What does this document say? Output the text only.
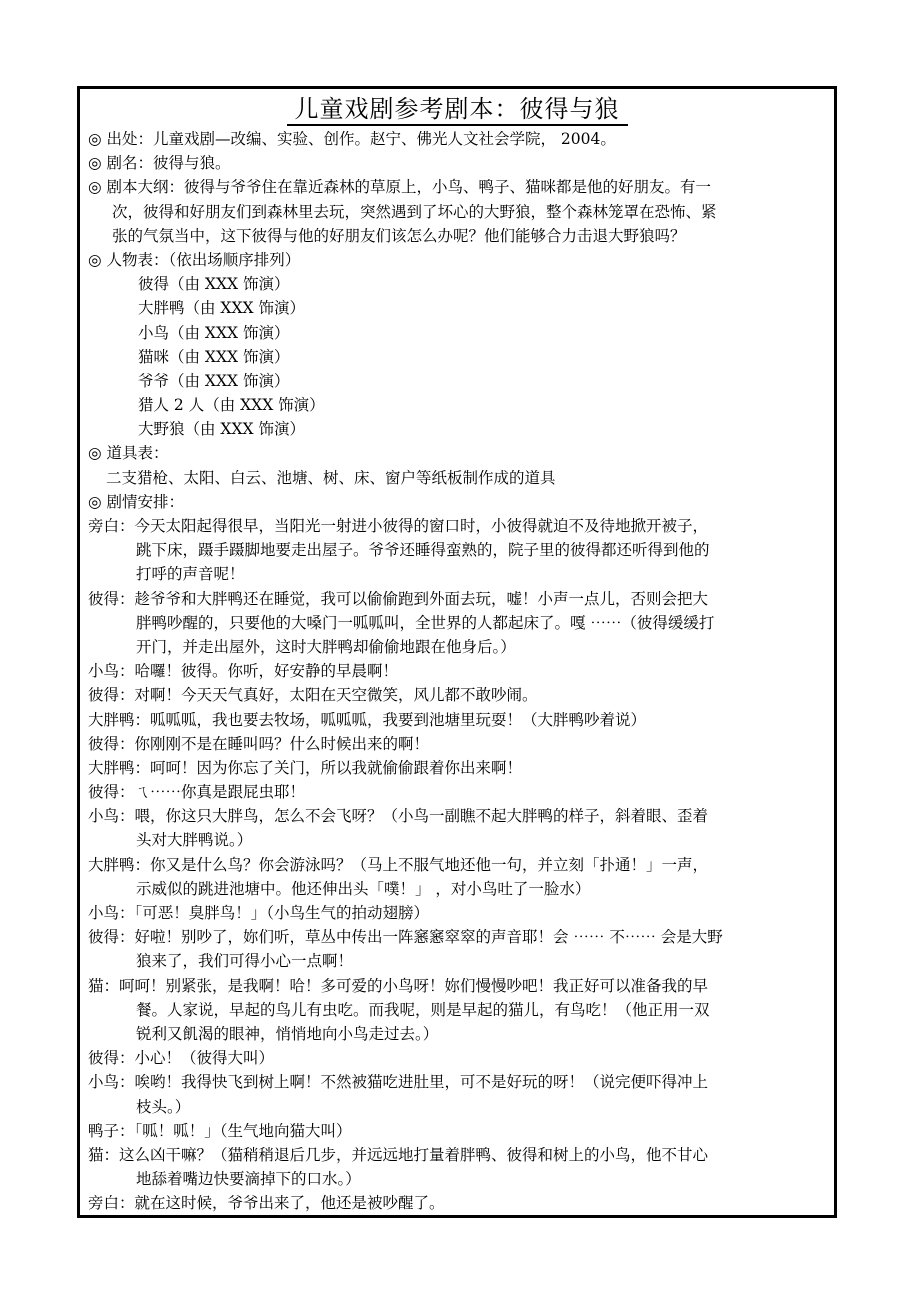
儿童戏剧参考剧本：彼得与狼
◎ 出处：儿童戏剧—改编、实验、创作。赵宁、佛光人文社会学院， 2004。
◎ 剧名：彼得与狼。
◎ 剧本大纲：彼得与爷爷住在靠近森林的草原上，小鸟、鸭子、猫咪都是他的好朋友。有一
次，彼得和好朋友们到森林里去玩，突然遇到了坏心的大野狼，整个森林笼罩在恐怖、紧
张的气氛当中，这下彼得与他的好朋友们该怎么办呢？他们能够合力击退大野狼吗？
◎ 人物表：（依出场顺序排列）
彼得（由 XXX 饰演）
大胖鸭（由 XXX 饰演）
小鸟（由 XXX 饰演）
猫咪（由 XXX 饰演）
爷爷（由 XXX 饰演）
猎人 2 人（由 XXX 饰演）
大野狼（由 XXX 饰演）
◎ 道具表：
二支猎枪、太阳、白云、池塘、树、床、窗户等纸板制作成的道具
◎ 剧情安排：
旁白：今天太阳起得很早，当阳光一射进小彼得的窗口时，小彼得就迫不及待地掀开被子，
跳下床，蹑手蹑脚地要走出屋子。爷爷还睡得蛮熟的，院子里的彼得都还听得到他的
打呼的声音呢！
彼得：趁爷爷和大胖鸭还在睡觉，我可以偷偷跑到外面去玩，嘘！小声一点儿，否则会把大
胖鸭吵醒的，只要他的大嗓门一呱呱叫，全世界的人都起床了。嘎 ⋯⋯（彼得缓缓打
开门，并走出屋外，这时大胖鸭却偷偷地跟在他身后。）
小鸟：哈囉！彼得。你听，好安静的早晨啊！
彼得：对啊！今天天气真好，太阳在天空微笑，风儿都不敢吵闹。
大胖鸭：呱呱呱，我也要去牧场，呱呱呱，我要到池塘里玩耍！（大胖鸭吵着说）
彼得：你刚刚不是在睡叫吗？什么时候出来的啊！
大胖鸭：呵呵！因为你忘了关门，所以我就偷偷跟着你出来啊！
彼得：ㄟ⋯⋯你真是跟屁虫耶！
小鸟：喂，你这只大胖鸟，怎么不会飞呀？（小鸟一副瞧不起大胖鸭的样子，斜着眼、歪着
头对大胖鸭说。）
大胖鸭：你又是什么鸟？你会游泳吗？（马上不服气地还他一句，并立刻「扑通！」一声，
示威似的跳进池塘中。他还伸出头「噗！」 ，对小鸟吐了一脸水）
小鸟：「可恶！臭胖鸟！」（小鸟生气的拍动翅膀）
彼得：好啦！别吵了，妳们听，草丛中传出一阵窸窸窣窣的声音耶！会 ⋯⋯ 不⋯⋯ 会是大野
狼来了，我们可得小心一点啊！
猫：呵呵！别紧张，是我啊！哈！多可爱的小鸟呀！妳们慢慢吵吧！我正好可以准备我的早
餐。人家说，早起的鸟儿有虫吃。而我呢，则是早起的猫儿，有鸟吃！（他正用一双
锐利又飢渴的眼神，悄悄地向小鸟走过去。）
彼得：小心！（彼得大叫）
小鸟：唉哟！我得快飞到树上啊！不然被猫吃进肚里，可不是好玩的呀！（说完便吓得冲上
枝头。）
鸭子：「呱！呱！」（生气地向猫大叫）
猫：这么凶干嘛？（猫稍稍退后几步，并远远地打量着胖鸭、彼得和树上的小鸟，他不甘心
地舔着嘴边快要滴掉下的口水。）
旁白：就在这时候，爷爷出来了，他还是被吵醒了。
